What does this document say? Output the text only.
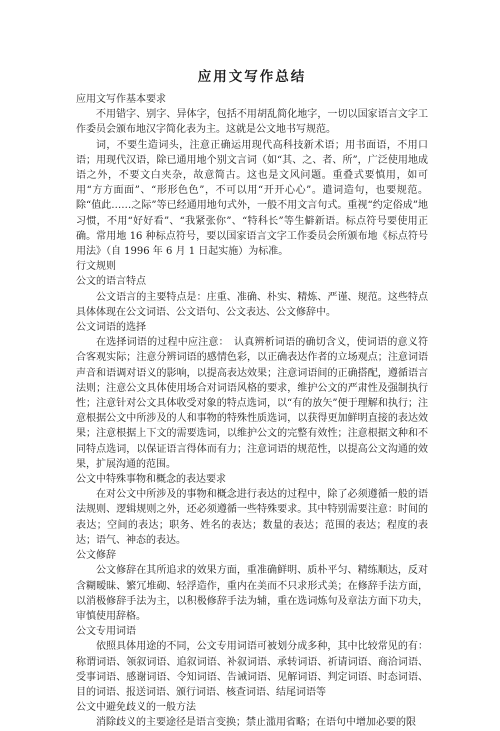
应用文写作总结
应用文写作基本要求
不用错字、别字、异体字，包括不用胡乱简化地字，一切以国家语言文字工作委员会颁布地汉字简化表为主。这就是公文地书写规范。
词，不要生造词头，注意正确运用现代高科技新术语；用书面语，不用口语；用现代汉语，除已通用地个别文言词（如“其、之、者、所”，广泛使用地成语之外，不要文白夹杂，故意简古。这也是文风问题。重叠式要慎用，如可用“方方面面”、“形形色色”，不可以用“开开心心”。遣词造句，也要规范。除“值此……之际”等已经通用地句式外，一般不用文言句式。重视“约定俗成”地习惯，不用“好好看”、“我紧张你”、“特科长”等生僻新语。标点符号要使用正确。常用地 16 种标点符号，要以国家语言文字工作委员会所颁布地《标点符号用法》（自 1996 年 6 月 1 日起实施）为标准。
行文规则
公文的语言特点
公文语言的主要特点是：庄重、准确、朴实、精炼、严谨、规范。这些特点具体体现在公文词语、公文语句、公文表达、公文修辞中。
公文词语的选择
在选择词语的过程中应注意：　认真辨析词语的确切含义，使词语的意义符合客观实际；注意分辨词语的感情色彩，以正确表达作者的立场观点；注意词语声音和语调对语义的影响，以提高表达效果；注意词语间的正确搭配，遵循语言法则；注意公文具体使用场合对词语风格的要求，维护公文的严肃性及强制执行性；注意针对公文具体收受对象的特点选词，以“有的放矢”便于理解和执行；注意根据公文中所涉及的人和事物的特殊性质选词，以获得更加鲜明直接的表达效果；注意根据上下文的需要选词，以维护公文的完整有效性；注意根据文种和不同特点选词，以保证语言得体而有力；注意词语的规范性，以提高公文沟通的效果，扩展沟通的范围。
公文中特殊事物和概念的表达要求
在对公文中所涉及的事物和概念进行表达的过程中，除了必须遵循一般的语法规则、逻辑规则之外，还必须遵循一些特殊要求。其中特别需要注意：时间的表达；空间的表达；职务、姓名的表达；数量的表达；范围的表达；程度的表达；语气、神态的表达。
公文修辞
公文修辞在其所追求的效果方面，重准确鲜明、质朴平匀、精练顺达，反对含糊暧昧、繁冗堆砌、轻浮造作，重内在美而不只求形式美；在修辞手法方面，以消极修辞手法为主，以积极修辞手法为辅，重在选词炼句及章法方面下功夫，审慎使用辞格。
公文专用词语
依照具体用途的不同，公文专用词语可被划分成多种，其中比较常见的有：称谓词语、领叙词语、追叙词语、补叙词语、承转词语、祈请词语、商洽词语、受事词语、感谢词语、令知词语、告诫词语、见解词语、判定词语、时态词语、目的词语、报送词语、颁行词语、核查词语、结尾词语等
公文中避免歧义的一般方法
消除歧义的主要途径是语言变换；禁止滥用省略；在语句中增加必要的限
